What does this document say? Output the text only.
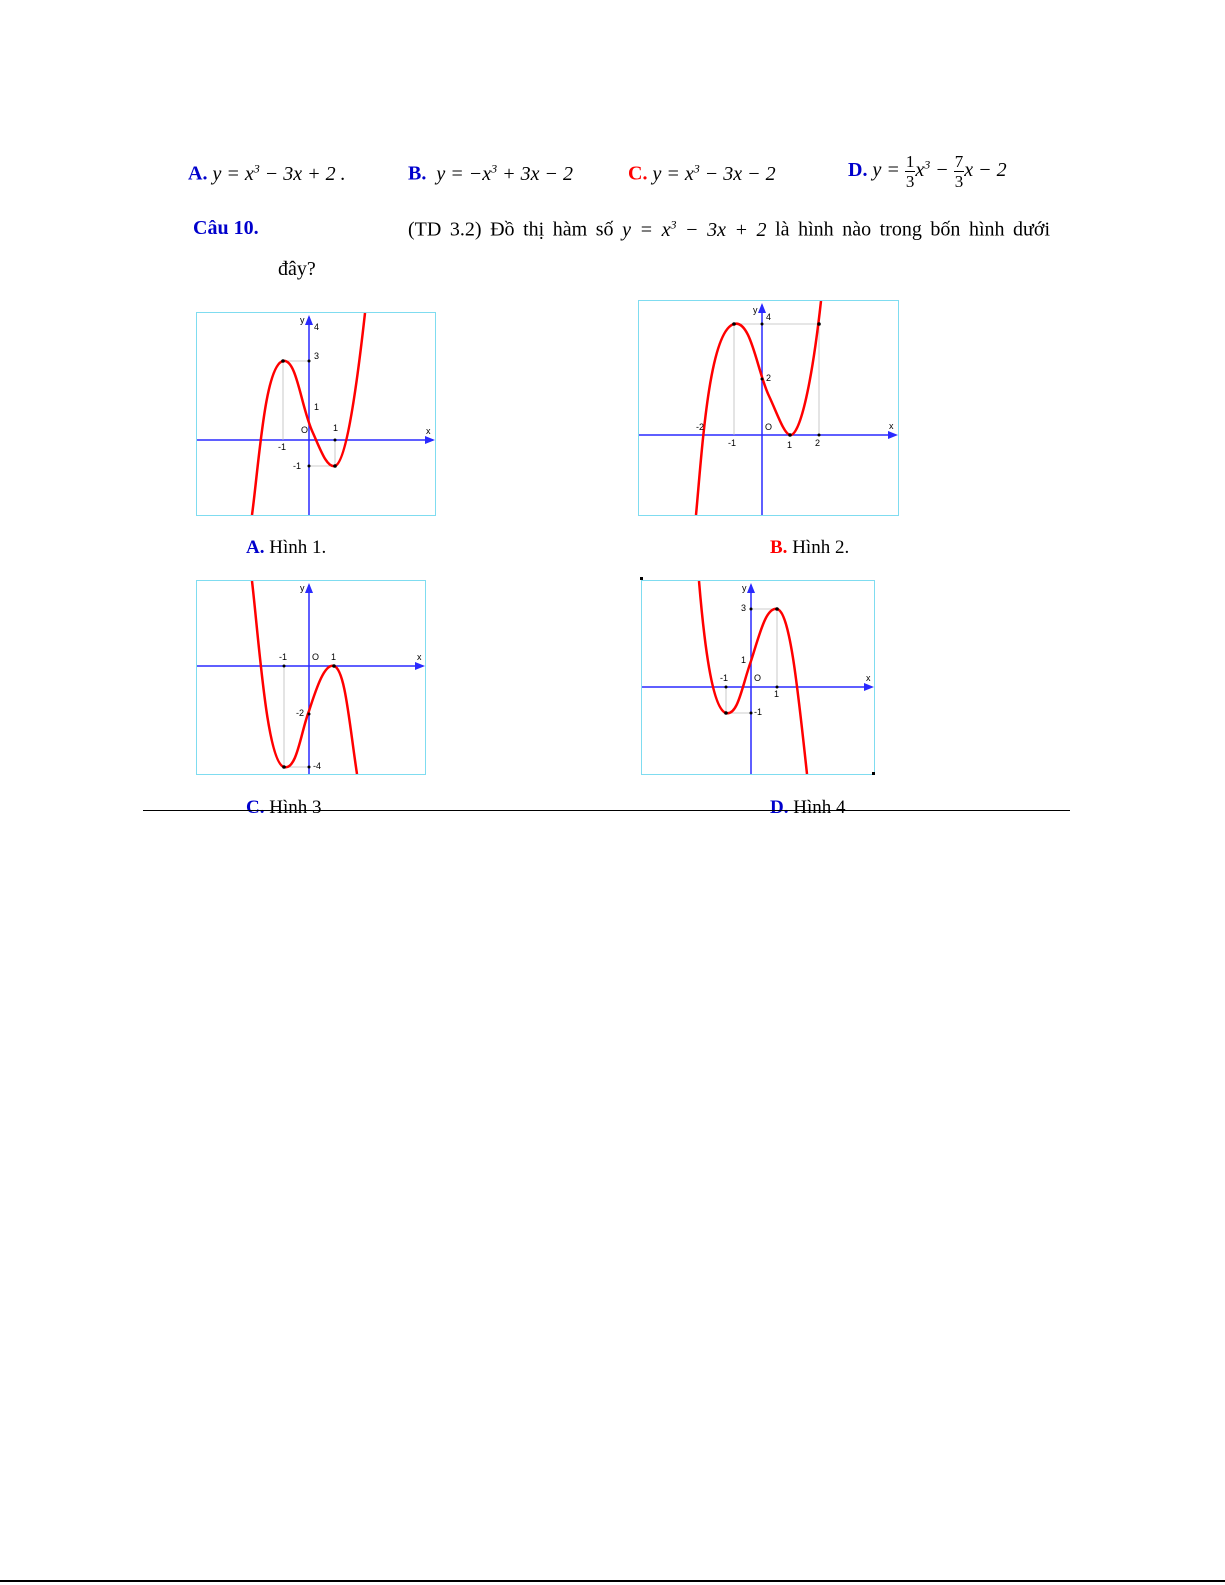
A. $y = x^3 - 3x + 2$ .	B. $y = -x^3 + 3x - 2$	C. $y = x^3 - 3x - 2$	D. $y = \frac{1}{3} x^3 - \frac{7}{3}$ x − 2
Câu 10.	(TD 3.2) Đồ thị hàm số $y = x^3 - 3x + 2$ là hình nào trong bốn hình dưới
đây?
y
4
3
1
O	1
-1
-1
x
A. Hình 1.
y
4
2
-2	O
-1	1	2
x
B. Hình 2.
y
-1	O 1
-2
-4
x
C. Hình 3
y
3
1
-1	O
1
-1
x
D. Hình 4
